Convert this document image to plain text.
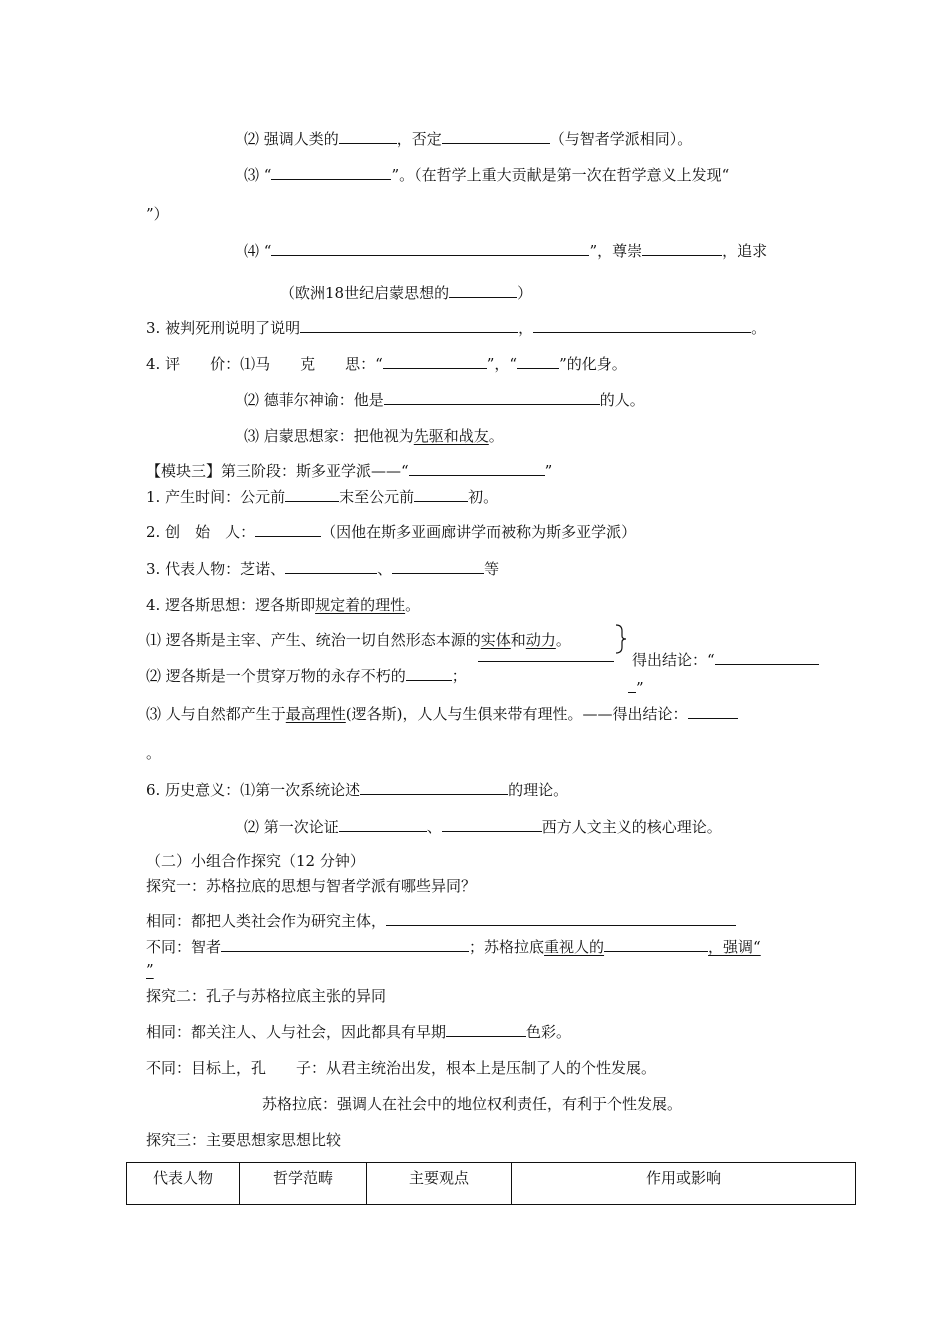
⑵ 强调人类的	，否定	（与智者学派相同）。
⑶ “	”。（在哲学上重大贡献是第一次在哲学意义上发现“
”）
⑷ “	”，尊崇	，追求
（欧洲18世纪启蒙思想的	）
3. 被判死刑说明了说明	，	。
4. 评　　价：⑴马　　克　　思：“	”，“	”的化身。
⑵ 德菲尔神谕：他是	的人。
⑶ 启蒙思想家：把他视为先驱和战友。
【模块三】第三阶段：斯多亚学派——“	”
1. 产生时间：公元前	末至公元前	初。
2. 创　始　人：	（因他在斯多亚画廊讲学而被称为斯多亚学派）
3. 代表人物：芝诺、	、	等
4. 逻各斯思想：逻各斯即规定着的理性。
⑴ 逻各斯是主宰、产生、统治一切自然形态本源的实体和动力。
得出结论：“
”
⑵ 逻各斯是一个贯穿万物的永存不朽的	；
⑶ 人与自然都产生于最高理性(逻各斯)，人人与生俱来带有理性。——得出结论：
。
6. 历史意义：⑴第一次系统论述	的理论。
⑵ 第一次论证	、	西方人文主义的核心理论。
（二）小组合作探究（12 分钟）
探究一：苏格拉底的思想与智者学派有哪些异同？
相同：都把人类社会作为研究主体，
不同：智者	；苏格拉底重视人的	，强调“
”
探究二：孔子与苏格拉底主张的异同
相同：都关注人、人与社会，因此都具有早期	色彩。
不同：目标上，孔　　子：从君主统治出发，根本上是压制了人的个性发展。
苏格拉底：强调人在社会中的地位权利责任，有利于个性发展。
探究三：主要思想家思想比较
代表人物	哲学范畴	主要观点	作用或影响
